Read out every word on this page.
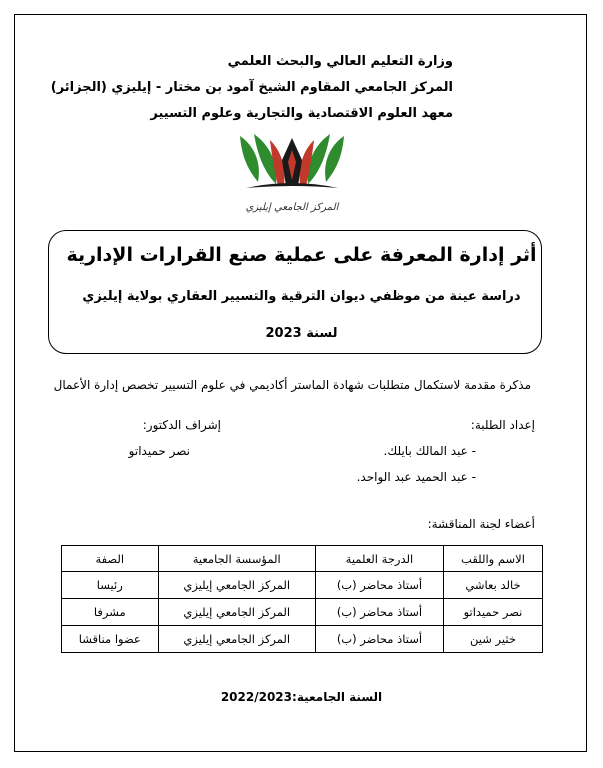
وزارة التعليم العالي والبحث العلمي
المركز الجامعي المقاوم الشيخ آمود بن مختار - إيليزي (الجزائر)
معهد العلوم الاقتصادية والتجارية وعلوم التسيير
المركز الجامعي إيليزي
أثر إدارة المعرفة على عملية صنع القرارات الإدارية
دراسة عينة من موظفي ديوان الترقية والتسيير العقاري بولاية إيليزي
لسنة 2023
مذكرة مقدمة لاستكمال متطلبات شهادة الماستر أكاديمي في علوم التسيير تخصص إدارة الأعمال
إعداد الطلبة:
إشراف الدكتور:
- عبد المالك بايلك.
نصر حميداتو
- عبد الحميد عبد الواحد.
أعضاء لجنة المناقشة:
الاسم واللقب	الدرجة العلمية	المؤسسة الجامعية	الصفة
خالد بعاشي	أستاذ محاضر (ب)	المركز الجامعي إيليزي	رئيسا
نصر حميداتو	أستاذ محاضر (ب)	المركز الجامعي إيليزي	مشرفا
خثير شين	أستاذ محاضر (ب)	المركز الجامعي إيليزي	عضوا مناقشا
السنة الجامعية:2022/2023
